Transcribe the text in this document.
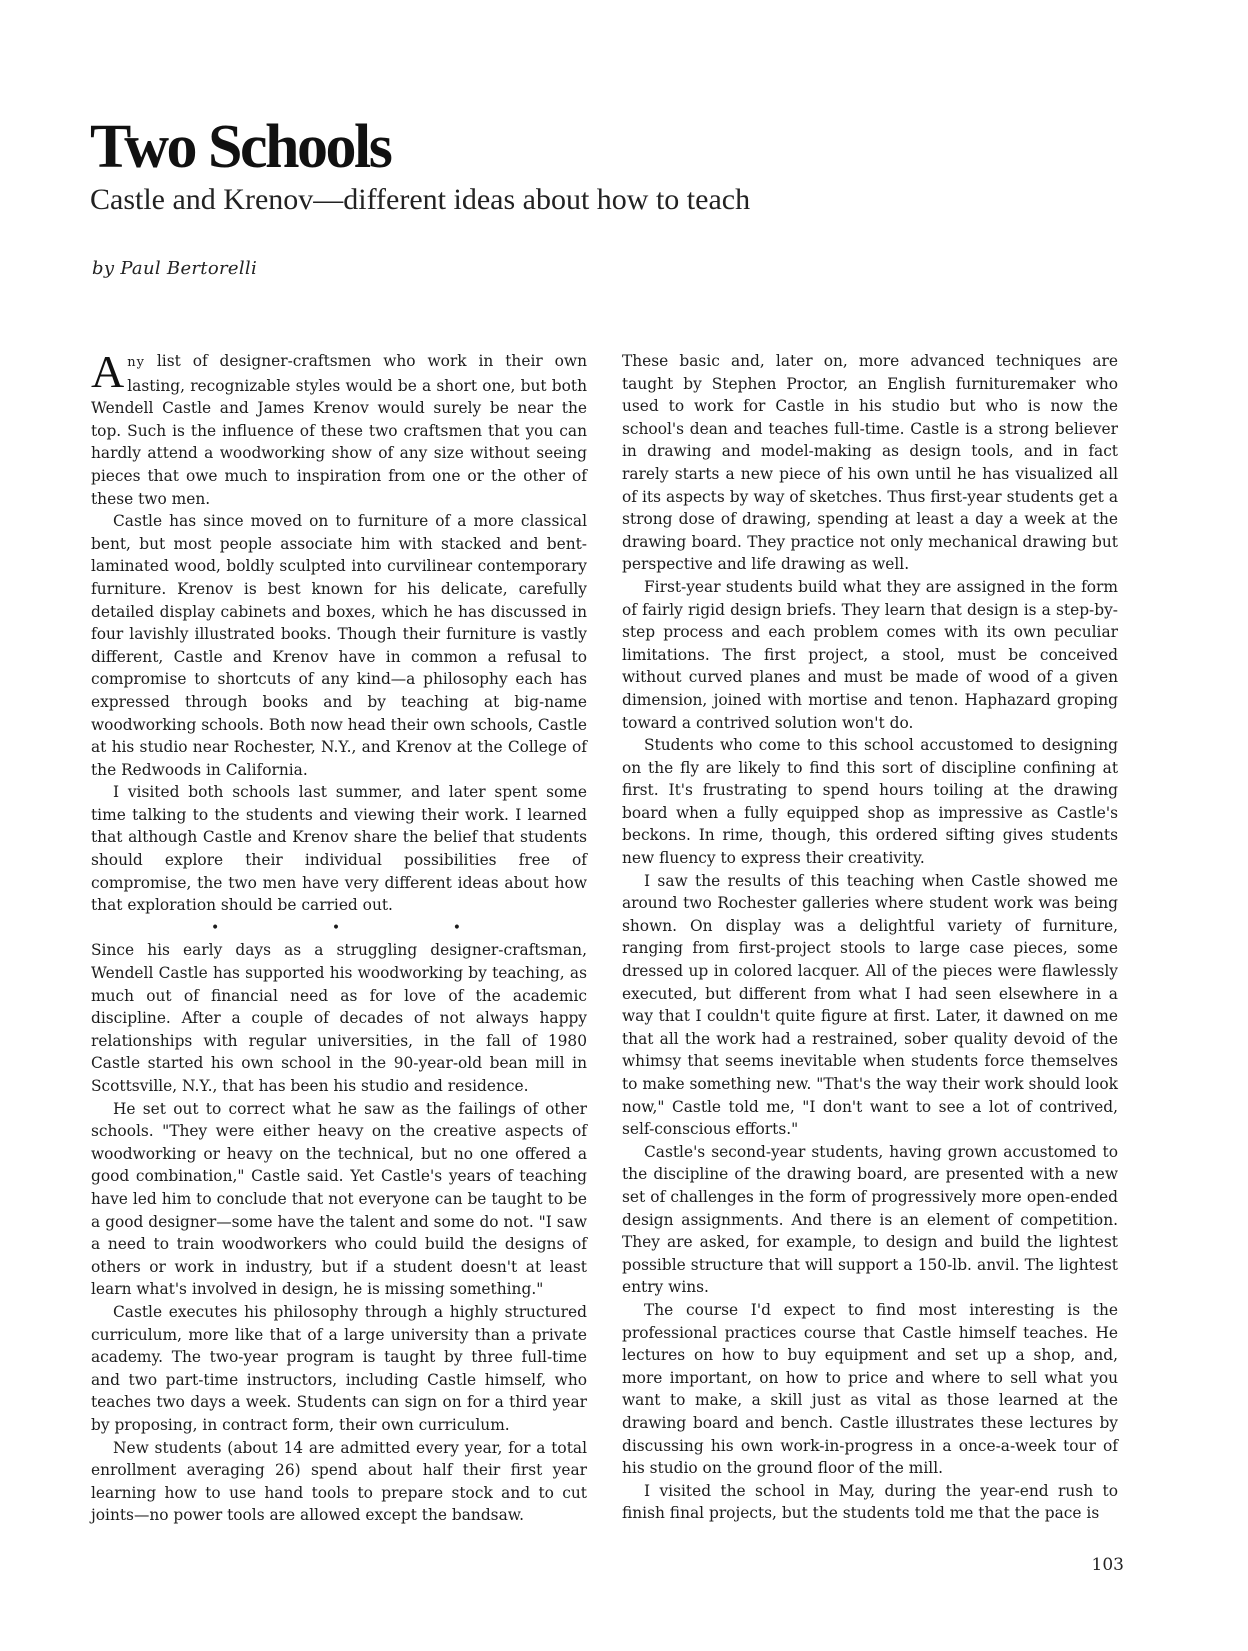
Two Schools
Castle and Krenov—different ideas about how to teach
by Paul Bertorelli

Any list of designer-craftsmen who work in their own lasting, recognizable styles would be a short one, but both Wendell Castle and James Krenov would surely be near the top. Such is the influence of these two craftsmen that you can hardly attend a woodworking show of any size without seeing pieces that owe much to inspiration from one or the other of these two men.

Castle has since moved on to furniture of a more classical bent, but most people associate him with stacked and bent-laminated wood, boldly sculpted into curvilinear contemporary furniture. Krenov is best known for his delicate, carefully detailed display cabinets and boxes, which he has discussed in four lavishly illustrated books. Though their furniture is vastly different, Castle and Krenov have in common a refusal to compromise to shortcuts of any kind—a philosophy each has expressed through books and by teaching at big-name woodworking schools. Both now head their own schools, Castle at his studio near Rochester, N.Y., and Krenov at the College of the Redwoods in California.

I visited both schools last summer, and later spent some time talking to the students and viewing their work. I learned that although Castle and Krenov share the belief that students should explore their individual possibilities free of compromise, the two men have very different ideas about how that exploration should be carried out.

•	•	•

Since his early days as a struggling designer-craftsman, Wendell Castle has supported his woodworking by teaching, as much out of financial need as for love of the academic discipline. After a couple of decades of not always happy relationships with regular universities, in the fall of 1980 Castle started his own school in the 90-year-old bean mill in Scottsville, N.Y., that has been his studio and residence.

He set out to correct what he saw as the failings of other schools. "They were either heavy on the creative aspects of woodworking or heavy on the technical, but no one offered a good combination," Castle said. Yet Castle's years of teaching have led him to conclude that not everyone can be taught to be a good designer—some have the talent and some do not. "I saw a need to train woodworkers who could build the designs of others or work in industry, but if a student doesn't at least learn what's involved in design, he is missing something."

Castle executes his philosophy through a highly structured curriculum, more like that of a large university than a private academy. The two-year program is taught by three full-time and two part-time instructors, including Castle himself, who teaches two days a week. Students can sign on for a third year by proposing, in contract form, their own curriculum.

New students (about 14 are admitted every year, for a total enrollment averaging 26) spend about half their first year learning how to use hand tools to prepare stock and to cut joints—no power tools are allowed except the bandsaw.

These basic and, later on, more advanced techniques are taught by Stephen Proctor, an English furnituremaker who used to work for Castle in his studio but who is now the school's dean and teaches full-time. Castle is a strong believer in drawing and model-making as design tools, and in fact rarely starts a new piece of his own until he has visualized all of its aspects by way of sketches. Thus first-year students get a strong dose of drawing, spending at least a day a week at the drawing board. They practice not only mechanical drawing but perspective and life drawing as well.

First-year students build what they are assigned in the form of fairly rigid design briefs. They learn that design is a step-by-step process and each problem comes with its own peculiar limitations. The first project, a stool, must be conceived without curved planes and must be made of wood of a given dimension, joined with mortise and tenon. Haphazard groping toward a contrived solution won't do.

Students who come to this school accustomed to designing on the fly are likely to find this sort of discipline confining at first. It's frustrating to spend hours toiling at the drawing board when a fully equipped shop as impressive as Castle's beckons. In rime, though, this ordered sifting gives students new fluency to express their creativity.

I saw the results of this teaching when Castle showed me around two Rochester galleries where student work was being shown. On display was a delightful variety of furniture, ranging from first-project stools to large case pieces, some dressed up in colored lacquer. All of the pieces were flawlessly executed, but different from what I had seen elsewhere in a way that I couldn't quite figure at first. Later, it dawned on me that all the work had a restrained, sober quality devoid of the whimsy that seems inevitable when students force themselves to make something new. "That's the way their work should look now," Castle told me, "I don't want to see a lot of contrived, self-conscious efforts."

Castle's second-year students, having grown accustomed to the discipline of the drawing board, are presented with a new set of challenges in the form of progressively more open-ended design assignments. And there is an element of competition. They are asked, for example, to design and build the lightest possible structure that will support a 150-lb. anvil. The lightest entry wins.

The course I'd expect to find most interesting is the professional practices course that Castle himself teaches. He lectures on how to buy equipment and set up a shop, and, more important, on how to price and where to sell what you want to make, a skill just as vital as those learned at the drawing board and bench. Castle illustrates these lectures by discussing his own work-in-progress in a once-a-week tour of his studio on the ground floor of the mill.

I visited the school in May, during the year-end rush to finish final projects, but the students told me that the pace is

103
